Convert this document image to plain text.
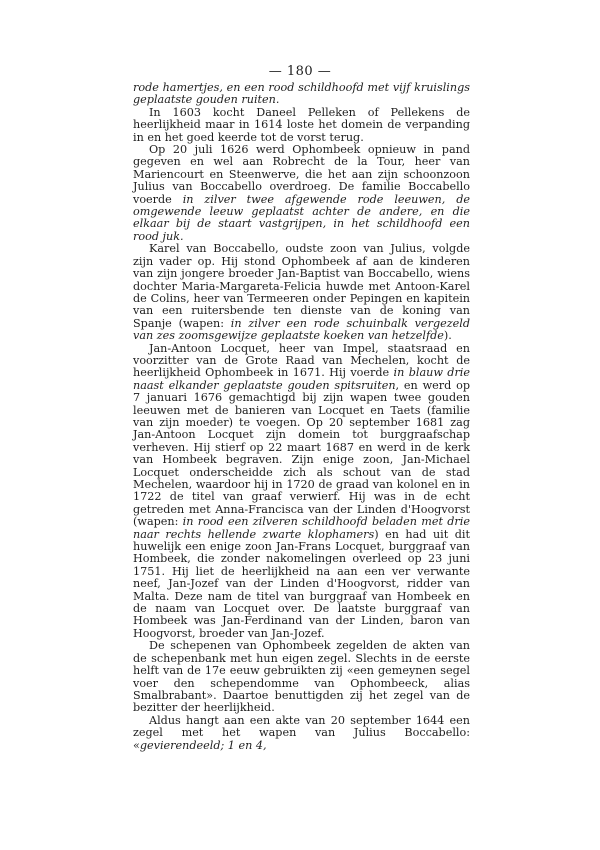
— 180 —

rode hamertjes, en een rood schildhoofd met vijf kruislings geplaatste gouden ruiten.

In 1603 kocht Daneel Pelleken of Pellekens de heerlijkheid maar in 1614 loste het domein de verpanding in en het goed keerde tot de vorst terug.

Op 20 juli 1626 werd Ophombeek opnieuw in pand gegeven en wel aan Robrecht de la Tour, heer van Mariencourt en Steenwerve, die het aan zijn schoonzoon Julius van Boccabello overdroeg. De familie Boccabello voerde in zilver twee afgewende rode leeuwen, de omgewende leeuw geplaatst achter de andere, en die elkaar bij de staart vastgrijpen, in het schildhoofd een rood juk.

Karel van Boccabello, oudste zoon van Julius, volgde zijn vader op. Hij stond Ophombeek af aan de kinderen van zijn jongere broeder Jan-Baptist van Boccabello, wiens dochter Maria-Margareta-Felicia huwde met Antoon-Karel de Colins, heer van Termeeren onder Pepingen en kapitein van een ruitersbende ten dienste van de koning van Spanje (wapen: in zilver een rode schuinbalk vergezeld van zes zoomsgewijze geplaatste koeken van hetzelfde).

Jan-Antoon Locquet, heer van Impel, staatsraad en voorzitter van de Grote Raad van Mechelen, kocht de heerlijkheid Ophombeek in 1671. Hij voerde in blauw drie naast elkander geplaatste gouden spitsruiten, en werd op 7 januari 1676 gemachtigd bij zijn wapen twee gouden leeuwen met de banieren van Locquet en Taets (familie van zijn moeder) te voegen. Op 20 september 1681 zag Jan-Antoon Locquet zijn domein tot burggraafschap verheven. Hij stierf op 22 maart 1687 en werd in de kerk van Hombeek begraven. Zijn enige zoon, Jan-Michael Locquet onderscheidde zich als schout van de stad Mechelen, waardoor hij in 1720 de graad van kolonel en in 1722 de titel van graaf verwierf. Hij was in de echt getreden met Anna-Francisca van der Linden d'Hoogvorst (wapen: in rood een zilveren schildhoofd beladen met drie naar rechts hellende zwarte klophamers) en had uit dit huwelijk een enige zoon Jan-Frans Locquet, burggraaf van Hombeek, die zonder nakomelingen overleed op 23 juni 1751. Hij liet de heerlijkheid na aan een ver verwante neef, Jan-Jozef van der Linden d'Hoogvorst, ridder van Malta. Deze nam de titel van burggraaf van Hombeek en de naam van Locquet over. De laatste burggraaf van Hombeek was Jan-Ferdinand van der Linden, baron van Hoogvorst, broeder van Jan-Jozef.

De schepenen van Ophombeek zegelden de akten van de schepenbank met hun eigen zegel. Slechts in de eerste helft van de 17e eeuw gebruikten zij «een gemeynen segel voer den schependomme van Ophombeeck, alias Smalbrabant». Daartoe benuttigden zij het zegel van de bezitter der heerlijkheid.

Aldus hangt aan een akte van 20 september 1644 een zegel met het wapen van Julius Boccabello: «gevierendeeld; 1 en 4,
